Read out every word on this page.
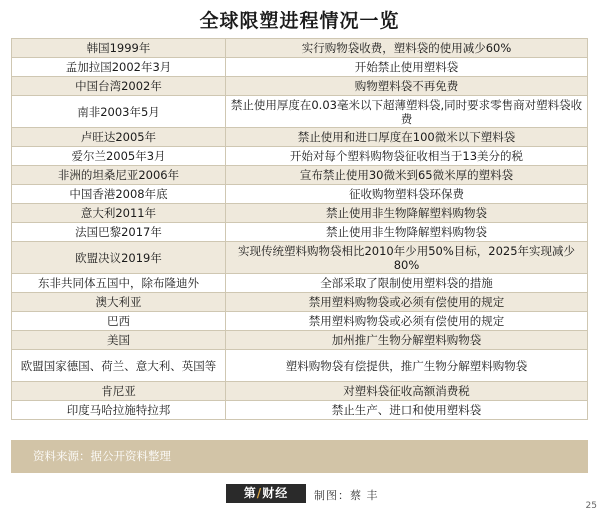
全球限塑进程情况一览
韩国1999年	实行购物袋收费，塑料袋的使用减少60%
孟加拉国2002年3月	开始禁止使用塑料袋
中国台湾2002年	购物塑料袋不再免费
南非2003年5月	禁止使用厚度在0.03毫米以下超薄塑料袋,同时要求零售商对塑料袋收费
卢旺达2005年	禁止使用和进口厚度在100微米以下塑料袋
爱尔兰2005年3月	开始对每个塑料购物袋征收相当于13美分的税
非洲的坦桑尼亚2006年	宣布禁止使用30微米到65微米厚的塑料袋
中国香港2008年底	征收购物塑料袋环保费
意大利2011年	禁止使用非生物降解塑料购物袋
法国巴黎2017年	禁止使用非生物降解塑料购物袋
欧盟决议2019年	实现传统塑料购物袋相比2010年少用50%目标，2025年实现减少80%
东非共同体五国中，除布隆迪外	全部采取了限制使用塑料袋的措施
澳大利亚	禁用塑料购物袋或必须有偿使用的规定
巴西	禁用塑料购物袋或必须有偿使用的规定
美国	加州推广生物分解塑料购物袋
欧盟国家德国、荷兰、意大利、英国等	塑料购物袋有偿提供，推广生物分解塑料购物袋
肯尼亚	对塑料袋征收高额消费税
印度马哈拉施特拉邦	禁止生产、进口和使用塑料袋
资料来源：据公开资料整理
第/财经	制图：蔡 丰
25
